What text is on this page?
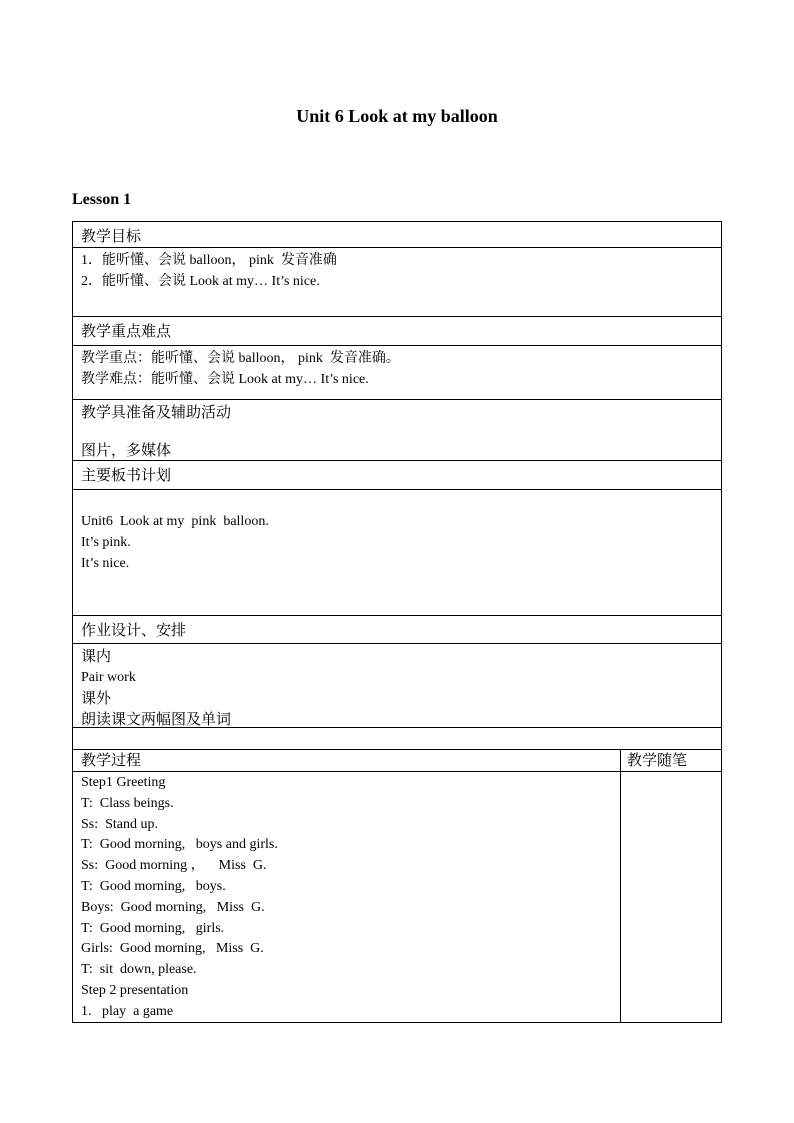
Unit 6 Look at my balloon
Lesson 1
教学目标
1．能听懂、会说 balloon， pink  发音准确
2．能听懂、会说 Look at my… It’s nice.
教学重点难点
教学重点：能听懂、会说 balloon， pink  发音准确。
教学难点：能听懂、会说 Look at my… It’s nice.
教学具准备及辅助活动
图片，多媒体
主要板书计划
Unit6  Look at my  pink  balloon.
It’s pink.
It’s nice.
作业设计、安排
课内
Pair work
课外
朗读课文两幅图及单词
教学过程	教学随笔
Step1 Greeting
T:  Class beings.
Ss:  Stand up.
T:  Good morning,   boys and girls.
Ss:  Good morning ，    Miss  G.
T:  Good morning,   boys.
Boys:  Good morning,   Miss  G.
T:  Good morning,   girls.
Girls:  Good morning,   Miss  G.
T:  sit  down, please.
Step 2 presentation
1.   play  a game
